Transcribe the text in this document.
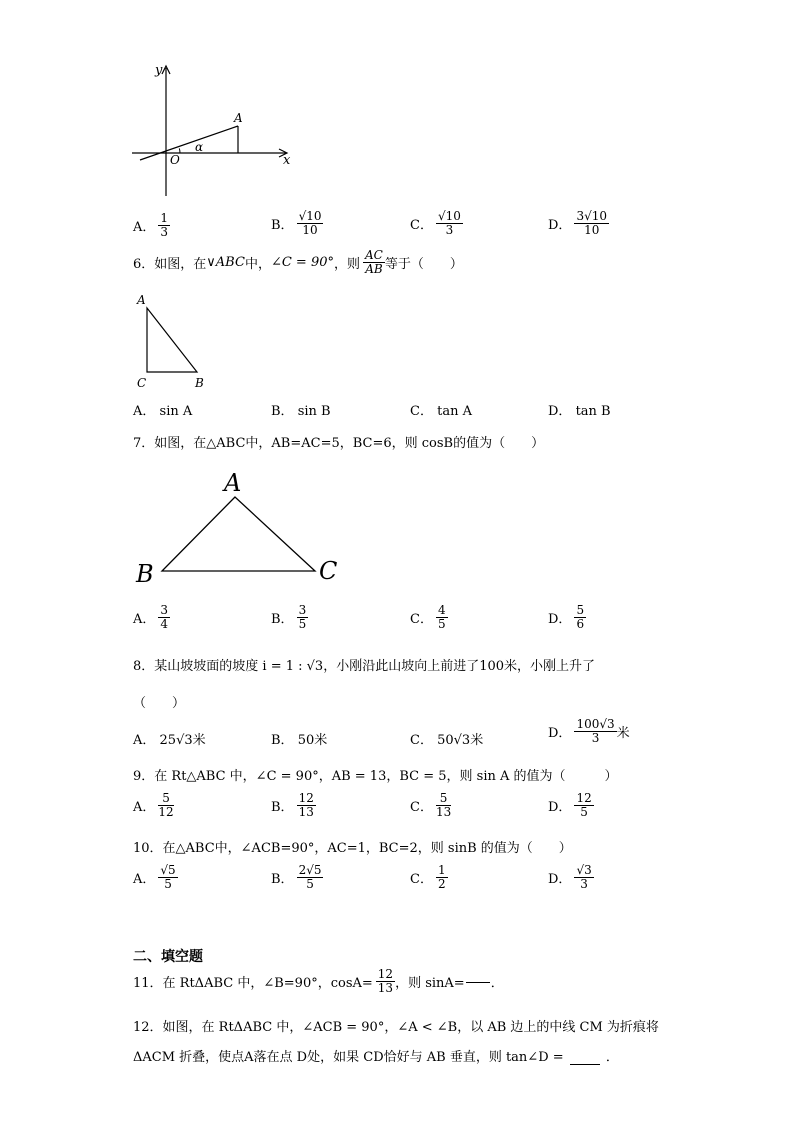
y
x
O
A
α
A． $\frac{1}{3}$	B． $\frac{√10}{10}$	C． $\frac{√10}{3}$	D． $\frac{3√10}{10}$
6．如图，在 ∨ABC 中， ∠C = 90° ，则 $\frac{AC}{AB}$ 等于（　　）
A
C	B
A． sin A	B． sin B	C． tan A	D． tan B
7．如图，在△ABC中，AB=AC=5，BC=6，则 cosB的值为（　　）
A
B	C
A． $\frac{3}{4}$	B． $\frac{3}{5}$	C． $\frac{4}{5}$	D． $\frac{5}{6}$
8．某山坡坡面的坡度 i = 1 : √3，小刚沿此山坡向上前进了100米，小刚上升了
（　　）
A． 25√3米	B． 50米	C． 50√3米	D． $\frac{100√3}{3}$ 米
9．在 Rt△ABC 中，∠C = 90°，AB = 13，BC = 5，则 sin A 的值为（　　　）
A． $\frac{5}{12}$	B． $\frac{12}{13}$	C． $\frac{5}{13}$	D． $\frac{12}{5}$
10．在△ABC中，∠ACB=90°，AC=1，BC=2，则 sinB 的值为（　　）
A． $\frac{√5}{5}$	B． $\frac{2√5}{5}$	C． $\frac{1}{2}$	D． $\frac{√3}{3}$
二、填空题
11．在 RtΔABC 中，∠B=90°，$\cos A= \frac{12}{13}$ ，则 sinA= ．
12．如图，在 RtΔABC 中，∠ACB = 90°，∠A < ∠B，以 AB 边上的中线 CM 为折痕将
ΔACM 折叠，使点A落在点 D处，如果 CD恰好与 AB 垂直，则 tan∠D =	．
